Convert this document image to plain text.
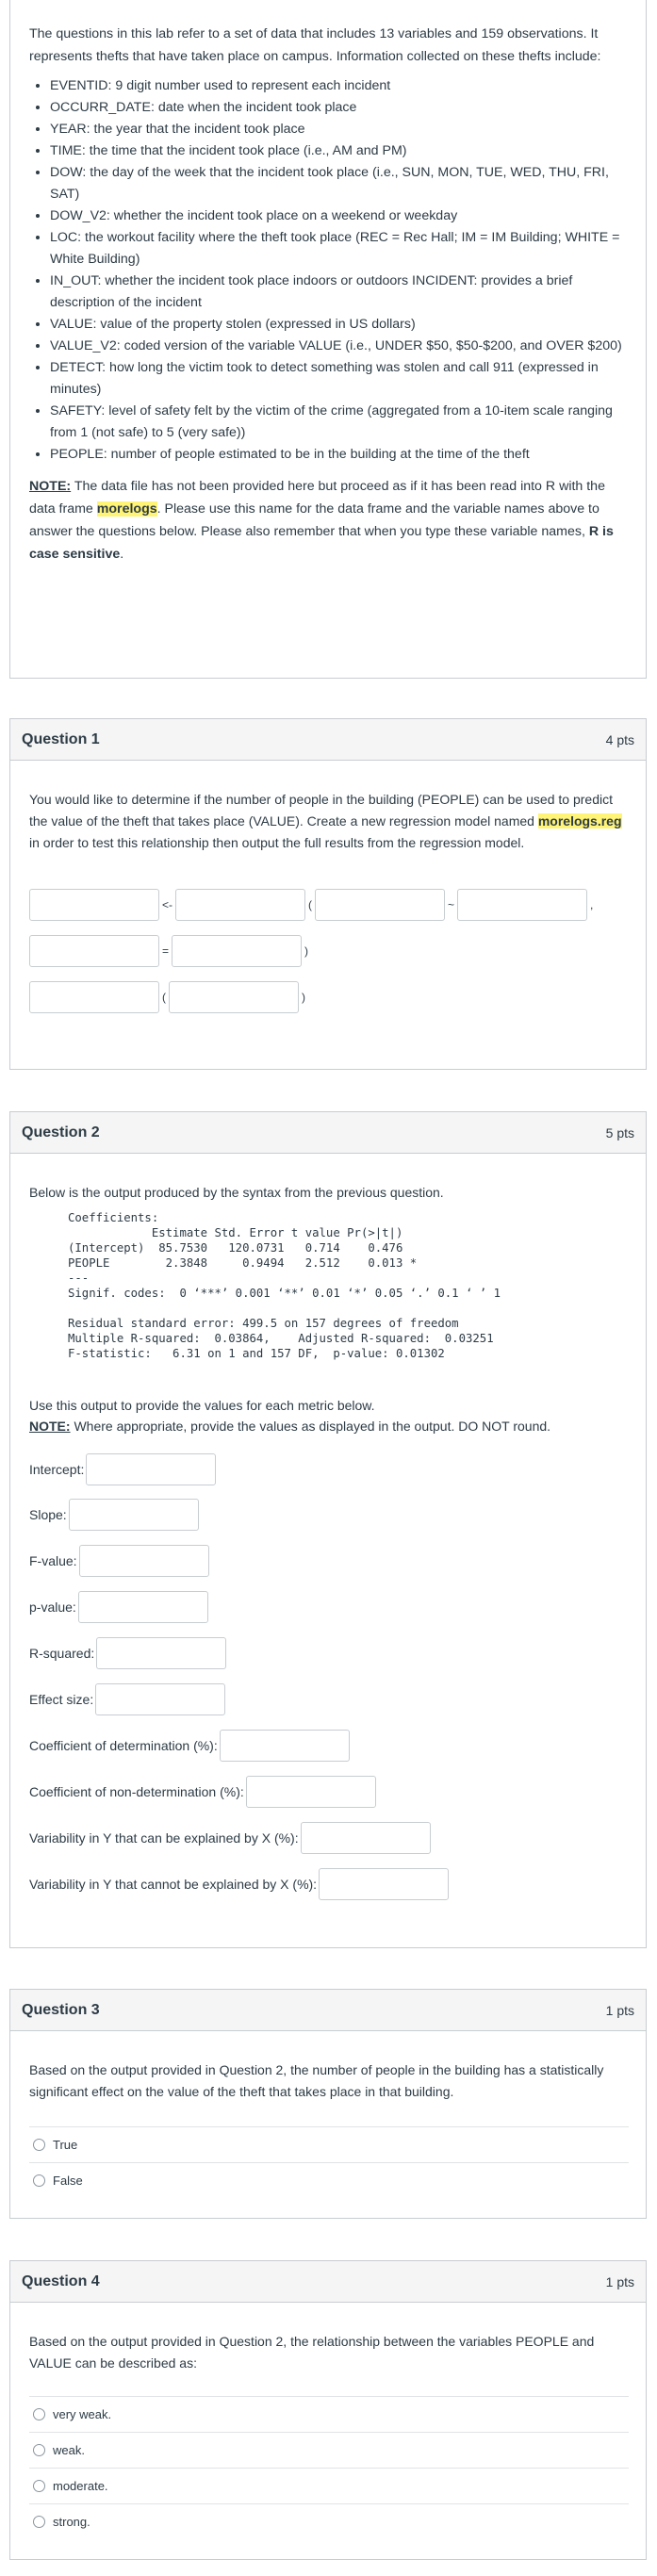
The questions in this lab refer to a set of data that includes 13 variables and 159 observations. It represents thefts that have taken place on campus. Information collected on these thefts include:

• EVENTID: 9 digit number used to represent each incident
• OCCURR_DATE: date when the incident took place
• YEAR: the year that the incident took place
• TIME: the time that the incident took place (i.e., AM and PM)
• DOW: the day of the week that the incident took place (i.e., SUN, MON, TUE, WED, THU, FRI, SAT)
• DOW_V2: whether the incident took place on a weekend or weekday
• LOC: the workout facility where the theft took place (REC = Rec Hall; IM = IM Building; WHITE = White Building)
• IN_OUT: whether the incident took place indoors or outdoors INCIDENT: provides a brief description of the incident
• VALUE: value of the property stolen (expressed in US dollars)
• VALUE_V2: coded version of the variable VALUE (i.e., UNDER $50, $50-$200, and OVER $200)
• DETECT: how long the victim took to detect something was stolen and call 911 (expressed in minutes)
• SAFETY: level of safety felt by the victim of the crime (aggregated from a 10-item scale ranging from 1 (not safe) to 5 (very safe))
• PEOPLE: number of people estimated to be in the building at the time of the theft

NOTE: The data file has not been provided here but proceed as if it has been read into R with the data frame morelogs. Please use this name for the data frame and the variable names above to answer the questions below. Please also remember that when you type these variable names, R is case sensitive.

Question 1	4 pts

You would like to determine if the number of people in the building (PEOPLE) can be used to predict the value of the theft that takes place (VALUE). Create a new regression model named morelogs.reg in order to test this relationship then output the full results from the regression model.

<-	(	~	,
=	)
(	)
Question 2	5 pts

Below is the output produced by the syntax from the previous question.

Coefficients:
Estimate Std. Error t value Pr(>|t|)
(Intercept)  85.7530   120.0731   0.714    0.476
PEOPLE        2.3848     0.9494   2.512    0.013 *
---
Signif. codes:  0 ‘***’ 0.001 ‘**’ 0.01 ‘*’ 0.05 ‘.’ 0.1 ‘ ’ 1

Residual standard error: 499.5 on 157 degrees of freedom
Multiple R-squared:  0.03864,    Adjusted R-squared:  0.03251
F-statistic:   6.31 on 1 and 157 DF,  p-value: 0.01302

Use this output to provide the values for each metric below.

NOTE: Where appropriate, provide the values as displayed in the output. DO NOT round.

Intercept:
Slope:
F-value:
p-value:
R-squared:
Effect size:
Coefficient of determination (%):
Coefficient of non-determination (%):
Variability in Y that can be explained by X (%):
Variability in Y that cannot be explained by X (%):
Question 3	1 pts

Based on the output provided in Question 2, the number of people in the building has a statistically significant effect on the value of the theft that takes place in that building.

True
False
Question 4	1 pts

Based on the output provided in Question 2, the relationship between the variables PEOPLE and VALUE can be described as:

very weak.
weak.
moderate.
strong.
